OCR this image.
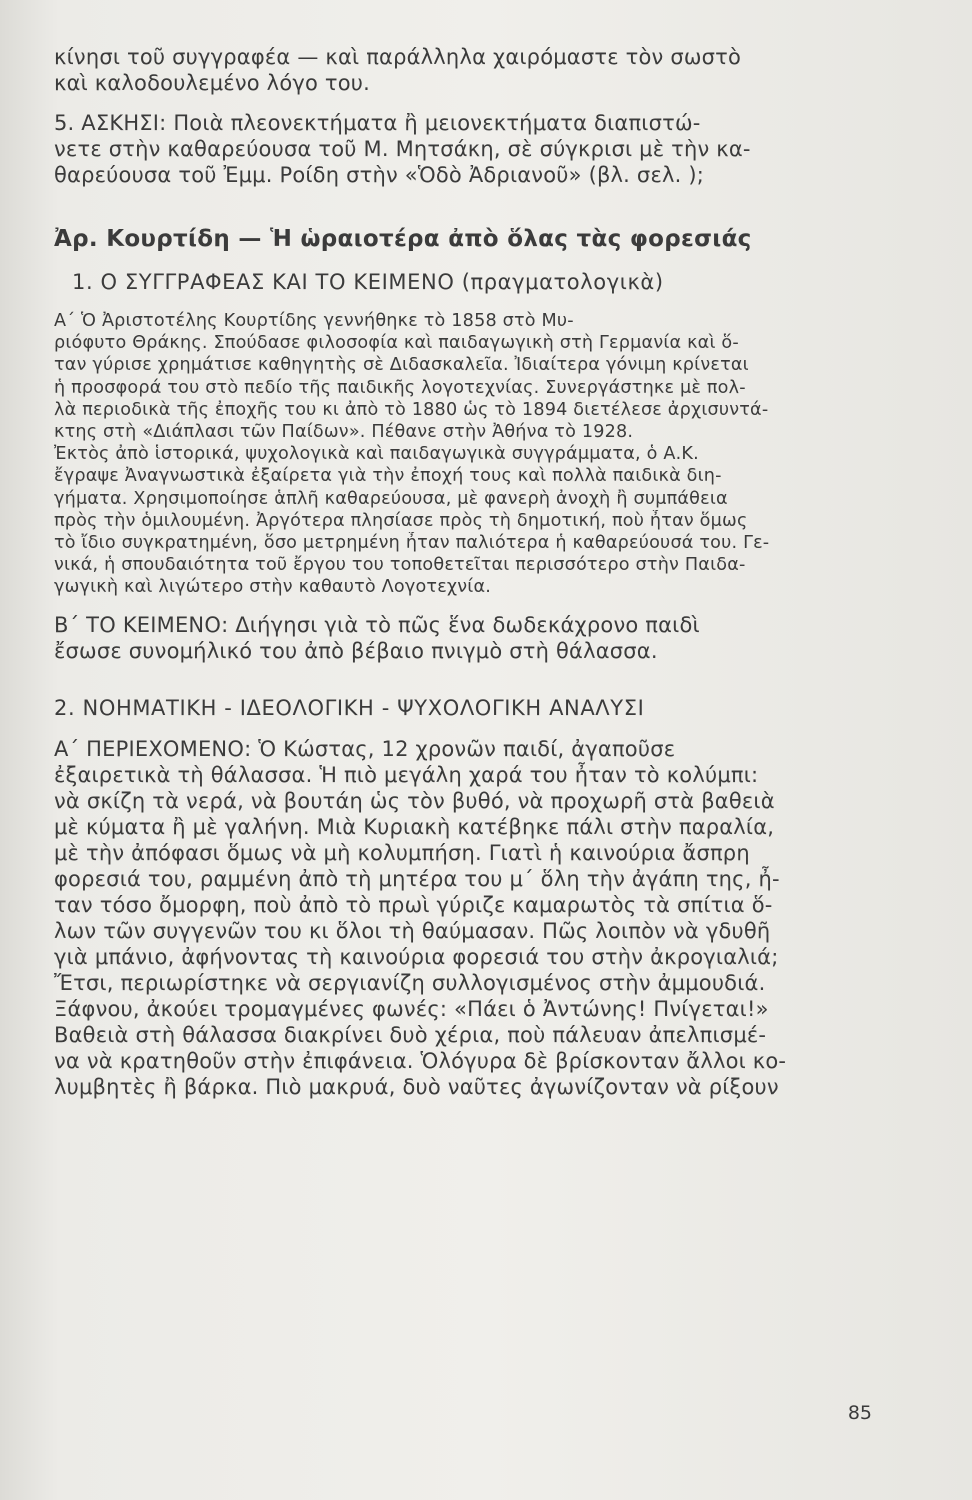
κίνησι τοῦ συγγραφέα — καὶ παράλληλα χαιρόμαστε τὸν σωστὸ
καὶ καλοδουλεμένο λόγο του.
5. ΑΣΚΗΣΙ: Ποιὰ πλεονεκτήματα ἢ μειονεκτήματα διαπιστώ-
νετε στὴν καθαρεύουσα τοῦ Μ. Μητσάκη, σὲ σύγκρισι μὲ τὴν κα-
θαρεύουσα τοῦ Ἐμμ. Ροίδη στὴν «Ὁδὸ Ἀδριανοῦ» (βλ. σελ. );
Ἀρ. Κουρτίδη — Ἡ ὡραιοτέρα ἀπὸ ὅλας τὰς φορεσιάς
1. Ο ΣΥΓΓΡΑΦΕΑΣ ΚΑΙ ΤΟ ΚΕΙΜΕΝΟ (πραγματολογικὰ)
Α΄ Ὁ Ἀριστοτέλης Κουρτίδης γεννήθηκε τὸ 1858 στὸ Μυ-
ριόφυτο Θράκης. Σπούδασε φιλοσοφία καὶ παιδαγωγικὴ στὴ Γερμανία καὶ ὅ-
ταν γύρισε χρημάτισε καθηγητὴς σὲ Διδασκαλεῖα. Ἰδιαίτερα γόνιμη κρίνεται
ἡ προσφορά του στὸ πεδίο τῆς παιδικῆς λογοτεχνίας. Συνεργάστηκε μὲ πολ-
λὰ περιοδικὰ τῆς ἐποχῆς του κι ἀπὸ τὸ 1880 ὡς τὸ 1894 διετέλεσε ἀρχισυντά-
κτης στὴ «Διάπλασι τῶν Παίδων». Πέθανε στὴν Ἀθήνα τὸ 1928.
Ἐκτὸς ἀπὸ ἱστορικά, ψυχολογικὰ καὶ παιδαγωγικὰ συγγράμματα, ὁ Α.Κ.
ἔγραψε Ἀναγνωστικὰ ἐξαίρετα γιὰ τὴν ἐποχή τους καὶ πολλὰ παιδικὰ διη-
γήματα. Χρησιμοποίησε ἁπλῆ καθαρεύουσα, μὲ φανερὴ ἀνοχὴ ἢ συμπάθεια
πρὸς τὴν ὁμιλουμένη. Ἀργότερα πλησίασε πρὸς τὴ δημοτική, ποὺ ἦταν ὅμως
τὸ ἴδιο συγκρατημένη, ὅσο μετρημένη ἦταν παλιότερα ἡ καθαρεύουσά του. Γε-
νικά, ἡ σπουδαιότητα τοῦ ἔργου του τοποθετεῖται περισσότερο στὴν Παιδα-
γωγικὴ καὶ λιγώτερο στὴν καθαυτὸ Λογοτεχνία.
Β΄ ΤΟ ΚΕΙΜΕΝΟ: Διήγησι γιὰ τὸ πῶς ἕνα δωδεκάχρονο παιδὶ
ἔσωσε συνομήλικό του ἀπὸ βέβαιο πνιγμὸ στὴ θάλασσα.
2. ΝΟΗΜΑΤΙΚΗ - ΙΔΕΟΛΟΓΙΚΗ - ΨΥΧΟΛΟΓΙΚΗ ΑΝΑΛΥΣΙ
Α΄ ΠΕΡΙΕΧΟΜΕΝΟ: Ὁ Κώστας, 12 χρονῶν παιδί, ἀγαποῦσε
ἐξαιρετικὰ τὴ θάλασσα. Ἡ πιὸ μεγάλη χαρά του ἦταν τὸ κολύμπι:
νὰ σκίζη τὰ νερά, νὰ βουτάη ὡς τὸν βυθό, νὰ προχωρῆ στὰ βαθειὰ
μὲ κύματα ἢ μὲ γαλήνη. Μιὰ Κυριακὴ κατέβηκε πάλι στὴν παραλία,
μὲ τὴν ἀπόφασι ὅμως νὰ μὴ κολυμπήση. Γιατὶ ἡ καινούρια ἄσπρη
φορεσιά του, ραμμένη ἀπὸ τὴ μητέρα του μ΄ ὅλη τὴν ἀγάπη της, ἦ-
ταν τόσο ὄμορφη, ποὺ ἀπὸ τὸ πρωὶ γύριζε καμαρωτὸς τὰ σπίτια ὅ-
λων τῶν συγγενῶν του κι ὅλοι τὴ θαύμασαν. Πῶς λοιπὸν νὰ γδυθῆ
γιὰ μπάνιο, ἀφήνοντας τὴ καινούρια φορεσιά του στὴν ἀκρογιαλιά;
Ἔτσι, περιωρίστηκε νὰ σεργιανίζη συλλογισμένος στὴν ἀμμουδιά.
Ξάφνου, ἀκούει τρομαγμένες φωνές: «Πάει ὁ Ἀντώνης! Πνίγεται!»
Βαθειὰ στὴ θάλασσα διακρίνει δυὸ χέρια, ποὺ πάλευαν ἀπελπισμέ-
να νὰ κρατηθοῦν στὴν ἐπιφάνεια. Ὁλόγυρα δὲ βρίσκονταν ἄλλοι κο-
λυμβητὲς ἢ βάρκα. Πιὸ μακρυά, δυὸ ναῦτες ἀγωνίζονταν νὰ ρίξουν
85
